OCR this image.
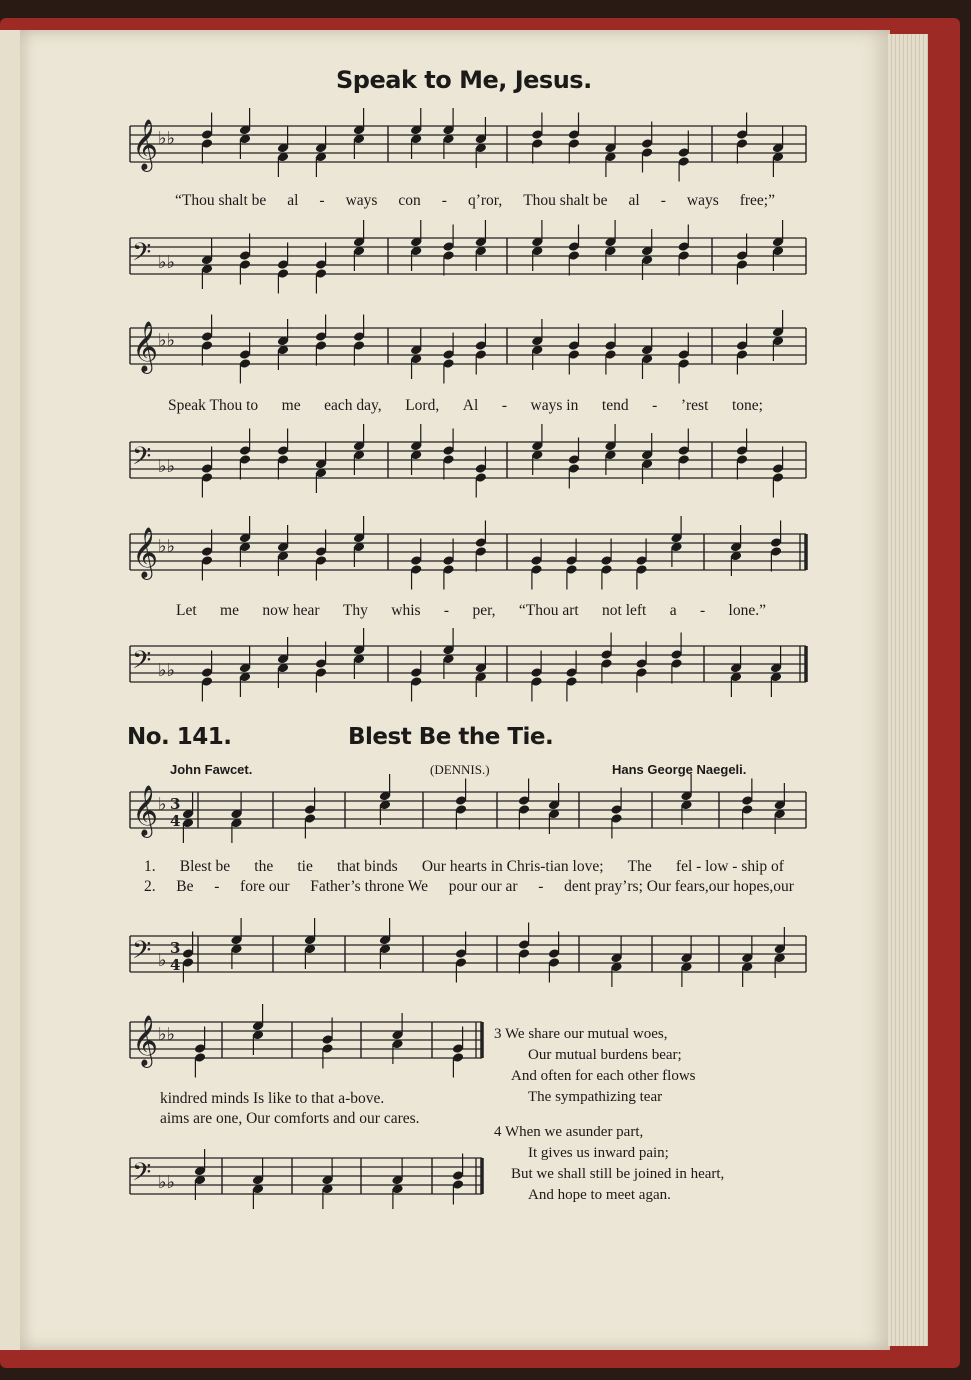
Speak to Me, Jesus.
𝄞 ♭♭
𝄢 ♭♭
“Thou shalt be al - ways con - q’ror, Thou shalt be al - ways free;”
𝄞 ♭♭
𝄢 ♭♭
Speak Thou to me each day, Lord, Al - ways in tend - ’rest tone;
𝄞 ♭♭
𝄢 ♭♭
Let me now hear Thy whis - per, “Thou art not left a - lone.”
No. 141.	Blest Be the Tie.
John Fawcet.	(DENNIS.)	Hans George Naegeli.
𝄞 ♭ 3
4
1. Blest be the tie that binds Our hearts in Chris-tian love; The fel - low - ship of
2. Be - fore our Father’s throne We pour our ar - dent pray’rs; Our fears,our hopes,our
𝄢 ♭
3
4
𝄞 ♭♭
kindred minds Is like to that a-bove.
aims are one, Our comforts and our cares.
𝄢 ♭♭
3 We share our mutual woes,
Our mutual burdens bear;
And often for each other flows
The sympathizing tear
4 When we asunder part,
It gives us inward pain;
But we shall still be joined in heart,
And hope to meet agan.
